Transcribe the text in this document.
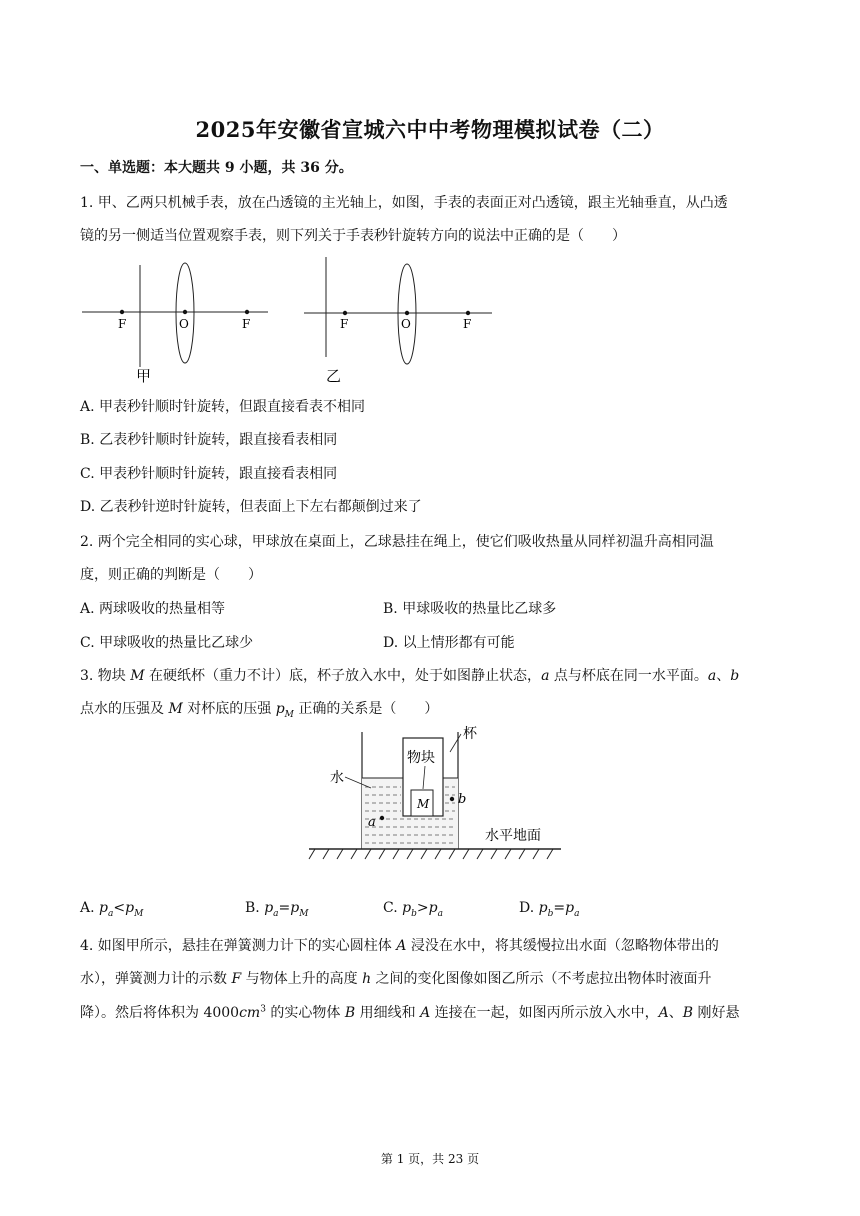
2025年安徽省宣城六中中考物理模拟试卷（二）
一、单选题：本大题共 9 小题，共 36 分。
1. 甲、乙两只机械手表，放在凸透镜的主光轴上，如图，手表的表面正对凸透镜，跟主光轴垂直，从凸透
镜的另一侧适当位置观察手表，则下列关于手表秒针旋转方向的说法中正确的是（　　）
F	O	F
甲
F	O	F
乙
A. 甲表秒针顺时针旋转，但跟直接看表不相同
B. 乙表秒针顺时针旋转，跟直接看表相同
C. 甲表秒针顺时针旋转，跟直接看表相同
D. 乙表秒针逆时针旋转，但表面上下左右都颠倒过来了
2. 两个完全相同的实心球，甲球放在桌面上，乙球悬挂在绳上，使它们吸收热量从同样初温升高相同温
度，则正确的判断是（　　）
A. 两球吸收的热量相等	B. 甲球吸收的热量比乙球多
C. 甲球吸收的热量比乙球少	D. 以上情形都有可能
3. 物块 M 在硬纸杯（重力不计）底，杯子放入水中，处于如图静止状态，a 点与杯底在同一水平面。a、b
点水的压强及 M 对杯底的压强 $p_M$ 正确的关系是（　　）
M b
a
杯
物块
水
水平地面
A. $p_a<p_M$	B. $p_a=p_M$	C. $p_b>p_a$	D. $p_b=p_a$
4. 如图甲所示，悬挂在弹簧测力计下的实心圆柱体 A 浸没在水中，将其缓慢拉出水面（忽略物体带出的
水），弹簧测力计的示数 F 与物体上升的高度 h 之间的变化图像如图乙所示（不考虑拉出物体时液面升
降）。然后将体积为 $4000cm^3$ 的实心物体 B 用细线和 A 连接在一起，如图丙所示放入水中，A、B 刚好悬
第 1 页，共 23 页
